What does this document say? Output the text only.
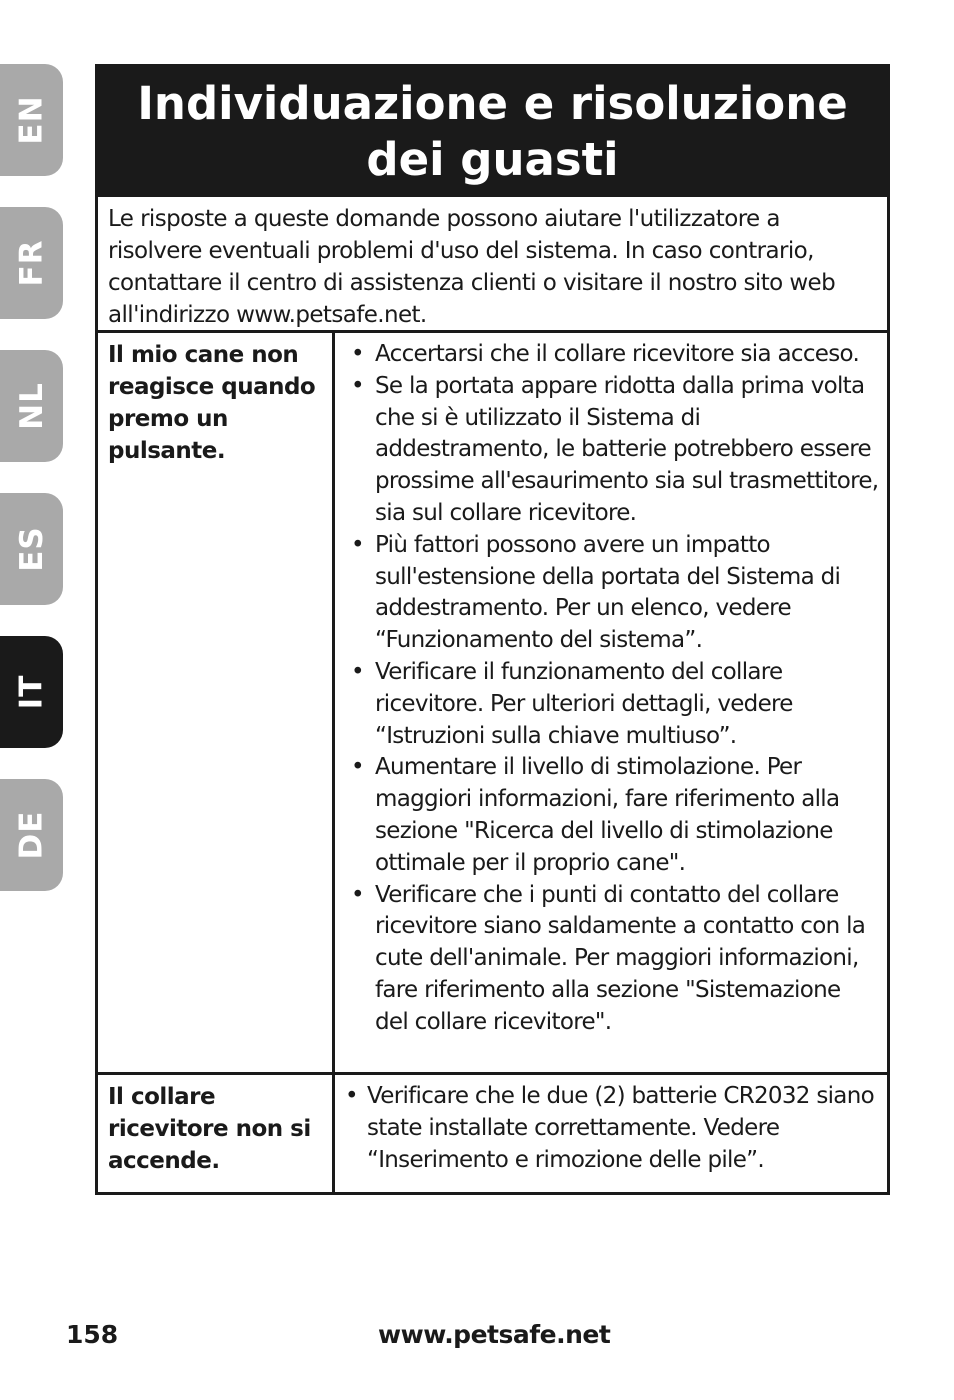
EN
FR
NL
ES
IT
DE
Individuazione e risoluzione
dei guasti
Le risposte a queste domande possono aiutare l'utilizzatore a risolvere eventuali problemi d'uso del sistema. In caso contrario, contattare il centro di assistenza clienti o visitare il nostro sito web all'indirizzo www.petsafe.net.
Il mio cane non reagisce quando premo un pulsante.
• Accertarsi che il collare ricevitore sia acceso.
• Se la portata appare ridotta dalla prima volta che si è utilizzato il Sistema di addestramento, le batterie potrebbero essere prossime all'esaurimento sia sul trasmettitore, sia sul collare ricevitore.
• Più fattori possono avere un impatto sull'estensione della portata del Sistema di addestramento. Per un elenco, vedere “Funzionamento del sistema”.
• Verificare il funzionamento del collare ricevitore. Per ulteriori dettagli, vedere “Istruzioni sulla chiave multiuso”.
• Aumentare il livello di stimolazione. Per maggiori informazioni, fare riferimento alla sezione "Ricerca del livello di stimolazione ottimale per il proprio cane".
• Verificare che i punti di contatto del collare ricevitore siano saldamente a contatto con la cute dell'animale. Per maggiori informazioni, fare riferimento alla sezione "Sistemazione del collare ricevitore".
Il collare ricevitore non si accende.
• Verificare che le due (2) batterie CR2032 siano state installate correttamente. Vedere “Inserimento e rimozione delle pile”.
158	www.petsafe.net
